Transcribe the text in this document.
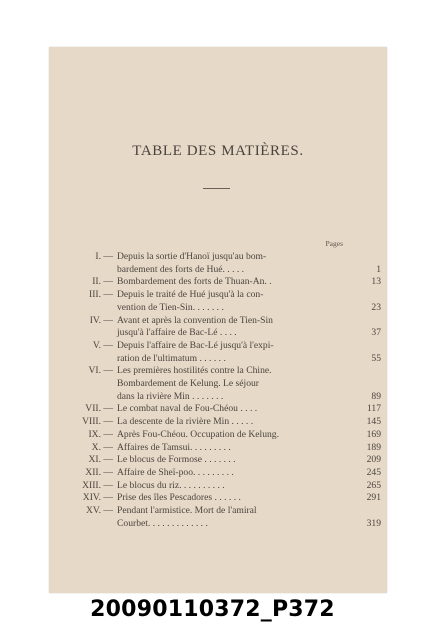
TABLE DES MATIÈRES.
Pages
I. — Depuis la sortie d'Hanoï jusqu'au bom-
bardement des forts de Hué. . . . .	1
II. — Bombardement des forts de Thuan-An. .	13
III. — Depuis le traité de Hué jusqu'à la con-
vention de Tien-Sin. . . . . . .	23
IV. — Avant et après la convention de Tien-Sin
jusqu'à l'affaire de Bac-Lé . . . .	37
V. — Depuis l'affaire de Bac-Lé jusqu'à l'expi-
ration de l'ultimatum . . . . . .	55
VI. — Les premières hostilités contre la Chine.
Bombardement de Kelung. Le séjour
dans la rivière Min . . . . . . .	89
VII. — Le combat naval de Fou-Chéou . . . .	117
VIII. — La descente de la rivière Min . . . . .	145
IX. — Après Fou-Chéou. Occupation de Kelung.	169
X. — Affaires de Tamsui. . . . . . . . .	189
XI. — Le blocus de Formose . . . . . . .	209
XII. — Affaire de Sheï-poo. . . . . . . . .	245
XIII. — Le blocus du riz. . . . . . . . . .	265
XIV. — Prise des îles Pescadores . . . . . .	291
XV. — Pendant l'armistice. Mort de l'amiral
Courbet. . . . . . . . . . . . .	319
20090110372_P372
